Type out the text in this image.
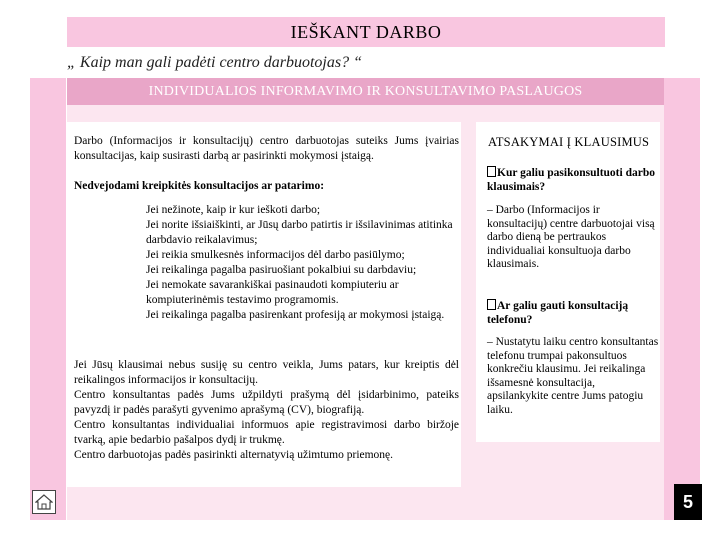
IEŠKANT DARBO
„ Kaip man gali padėti centro darbuotojas? “
INDIVIDUALIOS INFORMAVIMO IR KONSULTAVIMO PASLAUGOS
Darbo (Informacijos ir konsultacijų) centro darbuotojas suteiks Jums įvairias konsultacijas, kaip susirasti darbą ar pasirinkti mokymosi įstaigą.
Nedvejodami kreipkitės konsultacijos ar patarimo:
Jei nežinote, kaip ir kur ieškoti darbo;
Jei norite išsiaiškinti, ar Jūsų darbo patirtis ir išsilavinimas atitinka darbdavio reikalavimus;
Jei reikia smulkesnės informacijos dėl darbo pasiūlymo;
Jei reikalinga pagalba pasiruošiant pokalbiui su darbdaviu;
Jei nemokate savarankiškai pasinaudoti kompiuteriu ar kompiuterinėmis testavimo programomis.
Jei reikalinga pagalba pasirenkant profesiją ar mokymosi įstaigą.
Jei Jūsų klausimai nebus susiję su centro veikla, Jums patars, kur kreiptis dėl reikalingos informacijos ir konsultacijų.
Centro konsultantas padės Jums užpildyti prašymą dėl įsidarbinimo, pateiks pavyzdį ir padės parašyti gyvenimo aprašymą (CV), biografiją.
Centro konsultantas individualiai informuos apie registravimosi darbo biržoje tvarką, apie bedarbio pašalpos dydį ir trukmę.
Centro darbuotojas padės pasirinkti alternatyvią užimtumo priemonę.
ATSAKYMAI Į KLAUSIMUS
Kur galiu pasikonsultuoti darbo klausimais?
– Darbo (Informacijos ir konsultacijų) centre darbuotojai visą darbo dieną be pertraukos individualiai konsultuoja darbo klausimais.
Ar galiu gauti konsultaciją telefonu?
– Nustatytu laiku centro konsultantas telefonu trumpai pakonsultuos konkrečiu klausimu. Jei reikalinga išsamesnė konsultacija, apsilankykite centre Jums patogiu laiku.
5
